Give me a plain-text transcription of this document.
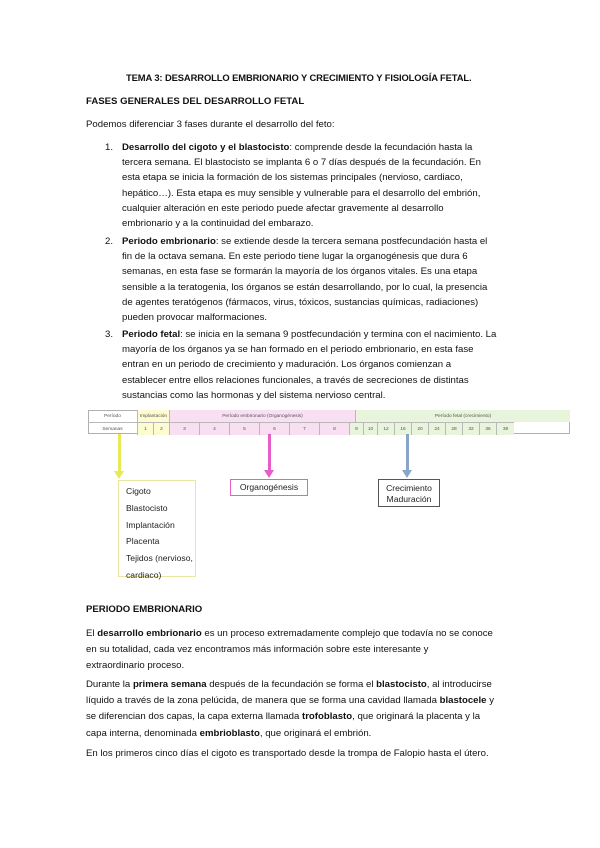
TEMA 3: DESARROLLO EMBRIONARIO Y CRECIMIENTO Y FISIOLOGÍA FETAL.
FASES GENERALES DEL DESARROLLO FETAL
Podemos diferenciar 3 fases durante el desarrollo del feto:
1. Desarrollo del cigoto y el blastocisto: comprende desde la fecundación hasta la
tercera semana. El blastocisto se implanta 6 o 7 días después de la fecundación. En
esta etapa se inicia la formación de los sistemas principales (nervioso, cardiaco,
hepático…). Esta etapa es muy sensible y vulnerable para el desarrollo del embrión,
cualquier alteración en este periodo puede afectar gravemente al desarrollo
embrionario y a la continuidad del embarazo.
2. Periodo embrionario: se extiende desde la tercera semana postfecundación hasta el
fin de la octava semana. En este periodo tiene lugar la organogénesis que dura 6
semanas, en esta fase se formarán la mayoría de los órganos vitales. Es una etapa
sensible a la teratogenia, los órganos se están desarrollando, por lo cual, la presencia
de agentes teratógenos (fármacos, virus, tóxicos, sustancias químicas, radiaciones)
pueden provocar malformaciones.
3. Periodo fetal: se inicia en la semana 9 postfecundación y termina con el nacimiento. La
mayoría de los órganos ya se han formado en el periodo embrionario, en esta fase
entran en un periodo de crecimiento y maduración. Los órganos comienzan a
establecer entre ellos relaciones funcionales, a través de secreciones de distintas
sustancias como las hormonas y del sistema nervioso central.
Período	Implantación	Período embrionario (Organogénesis)	Período fetal (crecimiento)
Semanas	1	2	3	4	5	6	7	8	9	10	12	16	20	24	28	32	36	38
Cigoto
Blastocisto
Implantación
Placenta
Tejidos (nervioso,
cardiaco)
Organogénesis	Crecimiento
Maduración
PERIODO EMBRIONARIO
El desarrollo embrionario es un proceso extremadamente complejo que todavía no se conoce
en su totalidad, cada vez encontramos más información sobre este interesante y
extraordinario proceso.
Durante la primera semana después de la fecundación se forma el blastocisto, al introducirse
líquido a través de la zona pelúcida, de manera que se forma una cavidad llamada blastocele y
se diferencian dos capas, la capa externa llamada trofoblasto, que originará la placenta y la
capa interna, denominada embrioblasto, que originará el embrión.
En los primeros cinco días el cigoto es transportado desde la trompa de Falopio hasta el útero.
